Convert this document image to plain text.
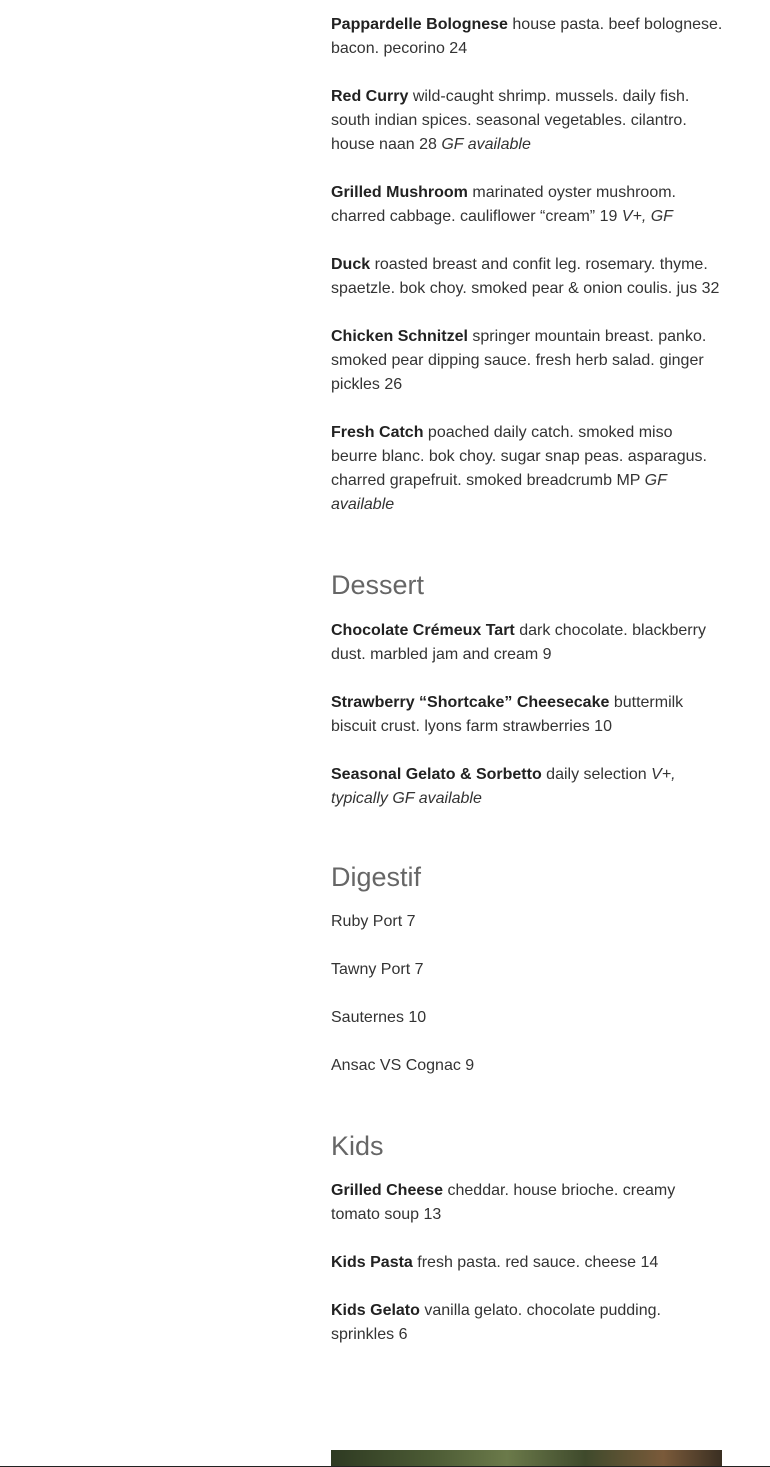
Pappardelle Bolognese house pasta. beef bolognese. bacon. pecorino 24

Red Curry wild-caught shrimp. mussels. daily fish. south indian spices. seasonal vegetables. cilantro. house naan 28 GF available

Grilled Mushroom marinated oyster mushroom. charred cabbage. cauliflower “cream” 19 V+, GF

Duck roasted breast and confit leg. rosemary. thyme. spaetzle. bok choy. smoked pear & onion coulis. jus 32

Chicken Schnitzel springer mountain breast. panko. smoked pear dipping sauce. fresh herb salad. ginger pickles 26

Fresh Catch poached daily catch. smoked miso beurre blanc. bok choy. sugar snap peas. asparagus. charred grapefruit. smoked breadcrumb MP GF available

Dessert

Chocolate Crémeux Tart dark chocolate. blackberry dust. marbled jam and cream 9

Strawberry “Shortcake” Cheesecake buttermilk biscuit crust. lyons farm strawberries 10

Seasonal Gelato & Sorbetto daily selection V+, typically GF available

Digestif

Ruby Port 7

Tawny Port 7

Sauternes 10

Ansac VS Cognac 9

Kids

Grilled Cheese cheddar. house brioche. creamy tomato soup 13

Kids Pasta fresh pasta. red sauce. cheese 14

Kids Gelato vanilla gelato. chocolate pudding. sprinkles 6
